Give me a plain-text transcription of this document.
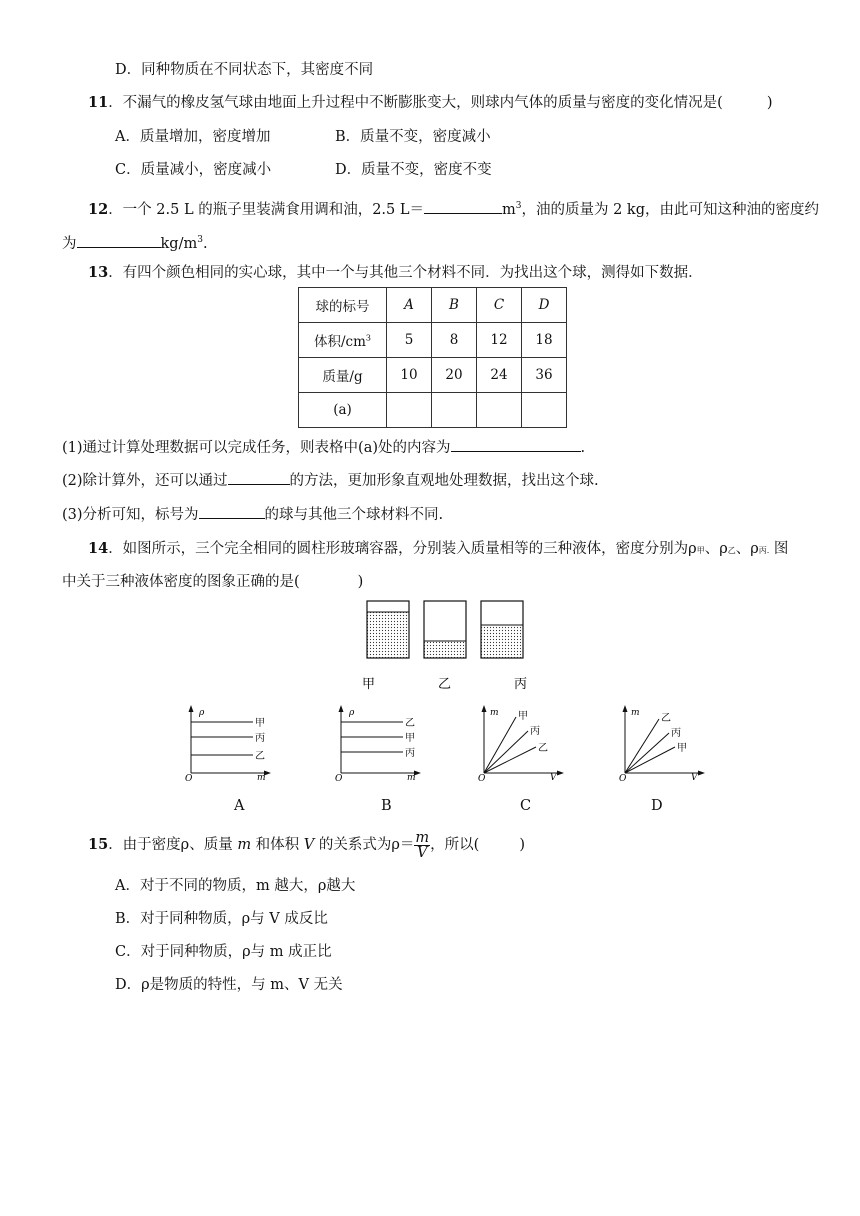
D．同种物质在不同状态下，其密度不同
11．不漏气的橡皮氢气球由地面上升过程中不断膨胀变大，则球内气体的质量与密度的变化情况是(	)
A．质量增加，密度增加	B．质量不变，密度减小
C．质量减小，密度减小	D．质量不变，密度不变
12．一个 2.5 L 的瓶子里装满食用调和油，2.5 L＝	$m^3$，油的质量为 2 kg，由此可知这种油的密度约
为	$kg/m^3$.
13．有四个颜色相同的实心球，其中一个与其他三个材料不同．为找出这个球，测得如下数据．
球的标号	A	B	C	D
体积$/cm^3$	5	8	12	18
质量/g	10	20	24	36
(a)				
(1)通过计算处理数据可以完成任务，则表格中(a)处的内容为	.
(2)除计算外，还可以通过	的方法，更加形象直观地处理数据，找出这个球.
(3)分析可知，标号为	的球与其他三个球材料不同.
14．如图所示，三个完全相同的圆柱形玻璃容器，分别装入质量相等的三种液体，密度分别为ρ甲、ρ乙、ρ丙. 图
中关于三种液体密度的图象正确的是(	)
甲	乙	丙
ρ
m
O
甲
丙
乙
ρ
m
O
乙
甲
丙
m
V
O
甲
丙
乙
m
V
O
乙
丙
甲
A	B	C	D
15．由于密度ρ、质量 m 和体积 V 的关系式为$\rho= \frac{m}{V}$ ，所以(	)
A．对于不同的物质，m 越大，ρ越大
B．对于同种物质，ρ与 V 成反比
C．对于同种物质，ρ与 m 成正比
D．ρ是物质的特性，与 m、V 无关
